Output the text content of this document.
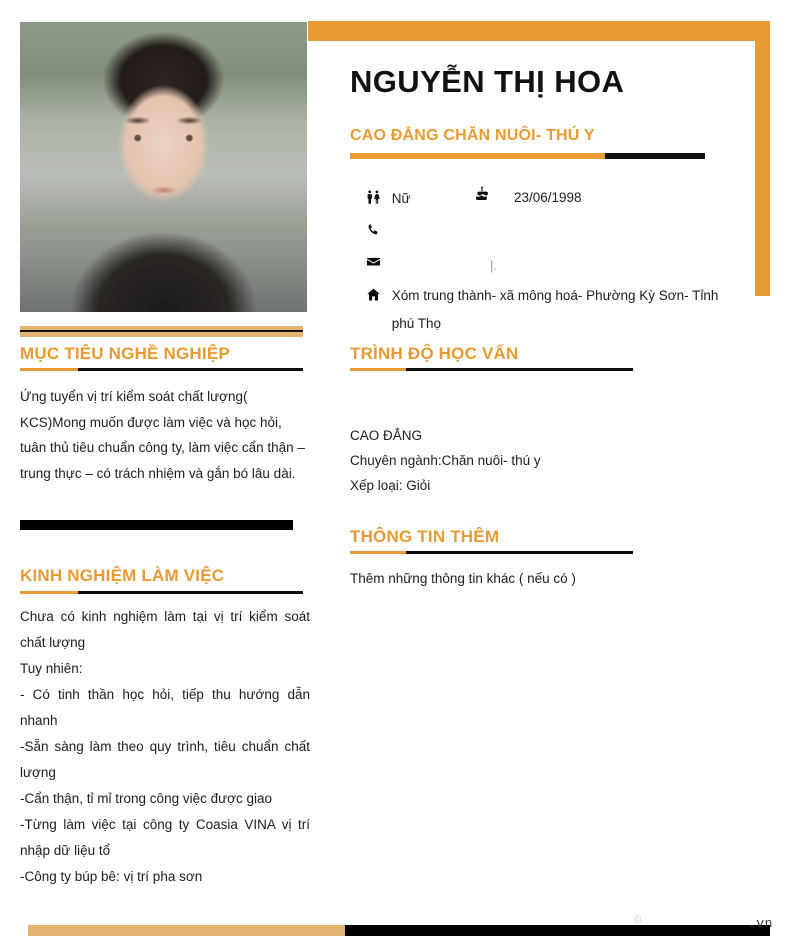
NGUYỄN THỊ HOA
CAO ĐẲNG CHĂN NUÔI- THÚ Y
Nữ	23/06/1998

|.
Xóm trung thành- xã mông hoá- Phường Kỳ Sơn- Tỉnh phú Thọ
MỤC TIÊU NGHỀ NGHIỆP
Ứng tuyển vị trí kiểm soát chất lượng( KCS)Mong muốn được làm việc và học hỏi, tuân thủ tiêu chuẩn công ty, làm việc cẩn thận – trung thực – có trách nhiệm và gắn bó lâu dài.
KINH NGHIỆM LÀM VIỆC

Chưa có kinh nghiệm làm tại vị trí kiểm soát chất lượng

Tuy nhiên:

- Có tinh thần học hỏi, tiếp thu hướng dẫn nhanh

-Sẵn sàng làm theo quy trình, tiêu chuẩn chất lượng

-Cẩn thận, tỉ mỉ trong công việc được giao

-Từng làm việc tại công ty Coasia VINA vị trí nhập dữ liệu tổ

-Công ty búp bê: vị trí pha sơn

TRÌNH ĐỘ HỌC VẤN

CAO ĐẲNG

Chuyên ngành:Chăn nuôi- thú y

Xếp loại: Giỏi

THÔNG TIN THÊM
Thêm những thông tin khác ( nếu có )
©	.vn
